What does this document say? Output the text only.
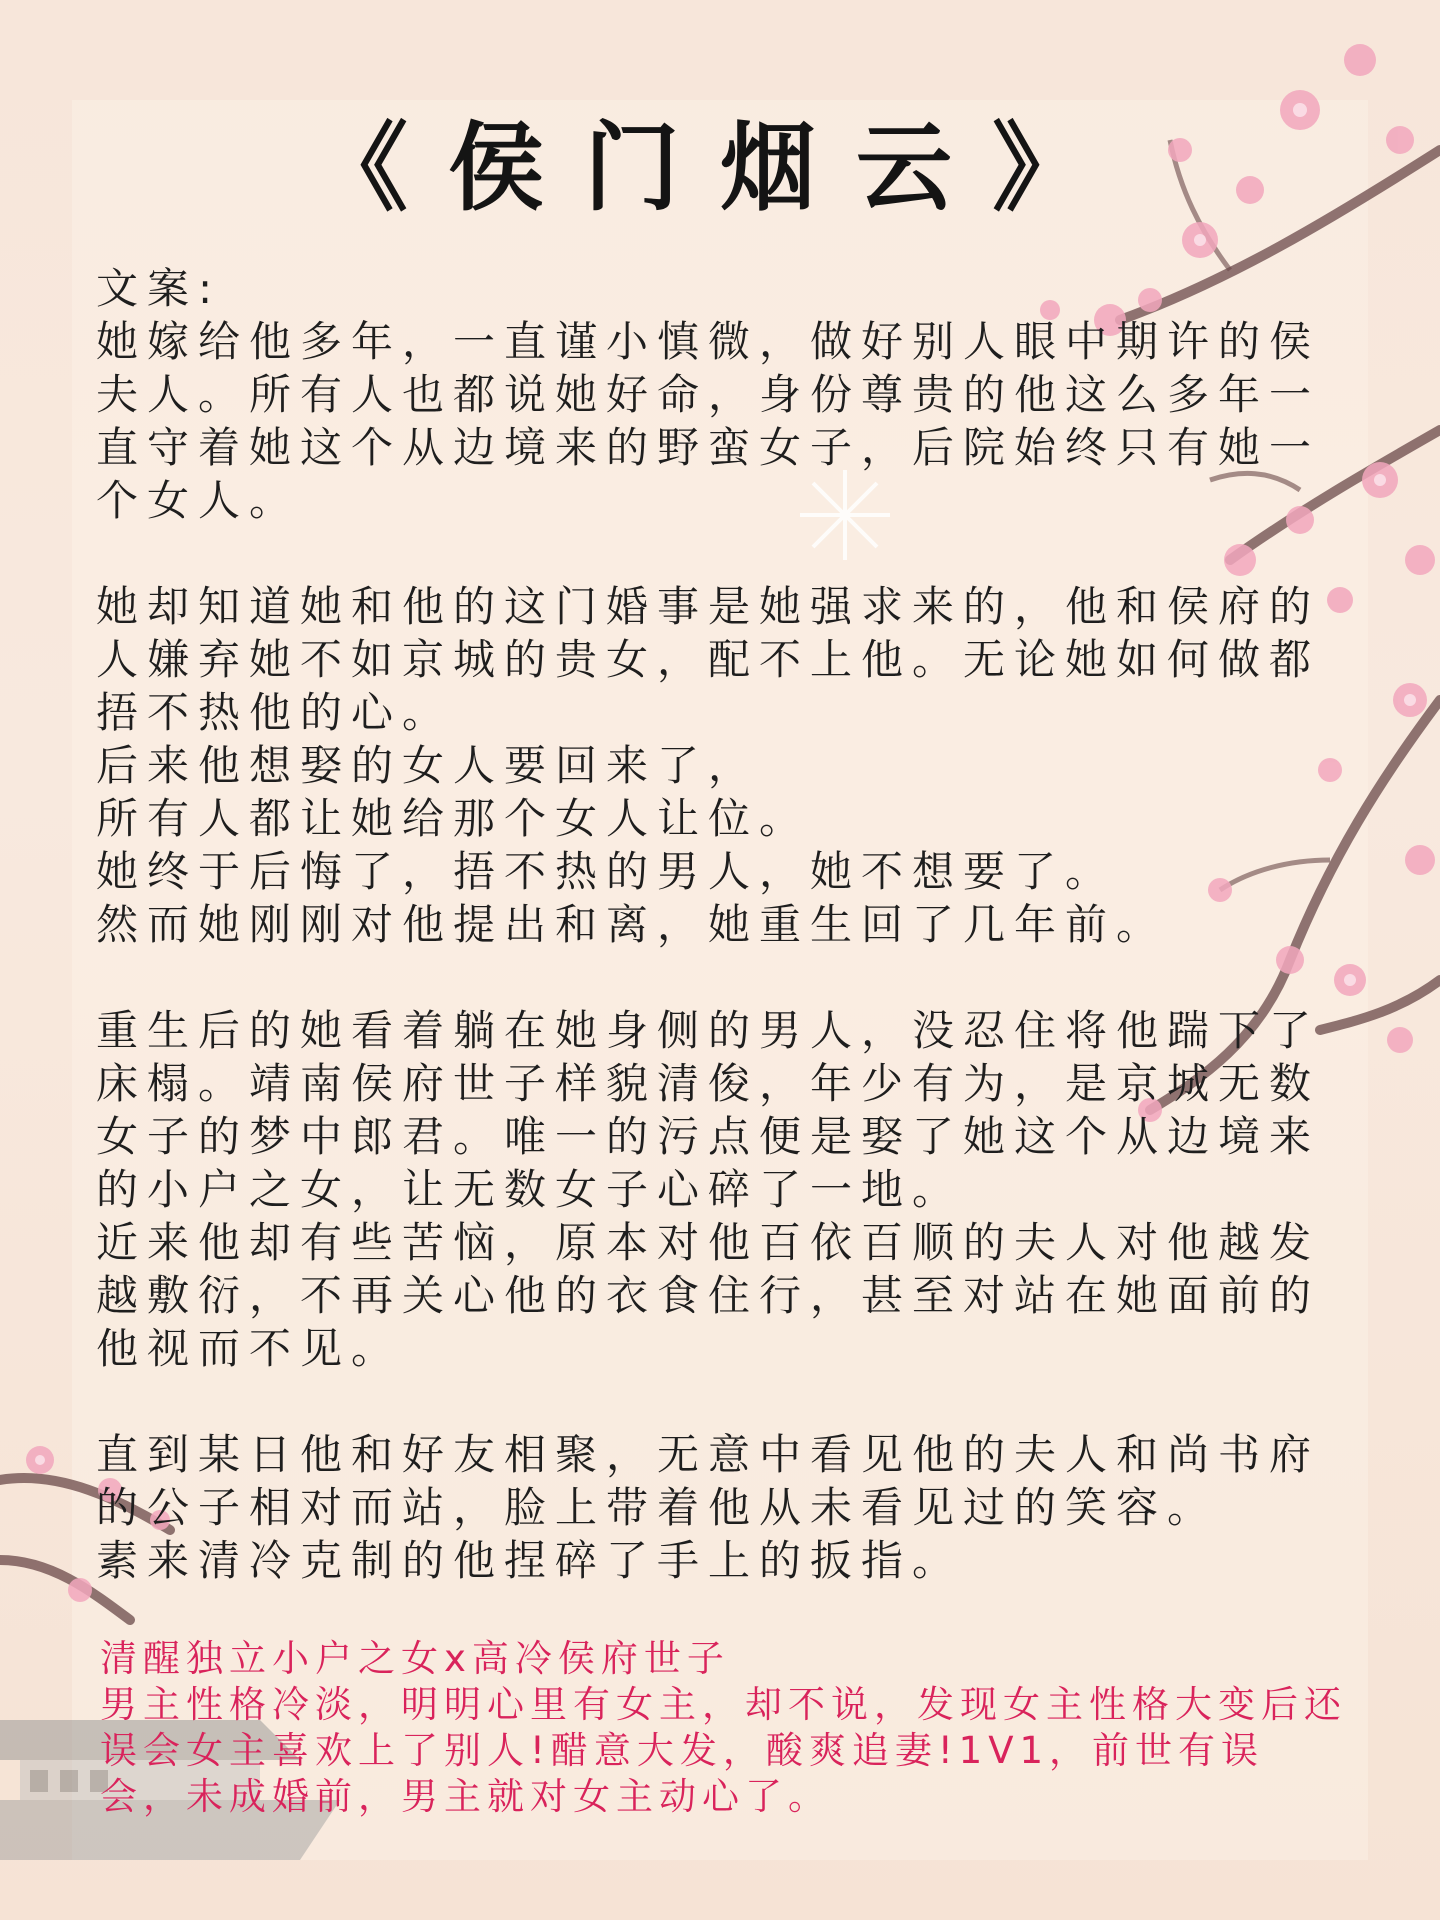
《侯门烟云》

文案:

她嫁给他多年，一直谨小慎微，做好别人眼中期许的侯夫人。所有人也都说她好命，身份尊贵的他这么多年一直守着她这个从边境来的野蛮女子，后院始终只有她一个女人。

她却知道她和他的这门婚事是她强求来的，他和侯府的人嫌弃她不如京城的贵女，配不上他。无论她如何做都捂不热他的心。

后来他想娶的女人要回来了，

所有人都让她给那个女人让位。

她终于后悔了，捂不热的男人，她不想要了。

然而她刚刚对他提出和离，她重生回了几年前。

重生后的她看着躺在她身侧的男人，没忍住将他踹下了床榻。靖南侯府世子样貌清俊，年少有为，是京城无数女子的梦中郎君。唯一的污点便是娶了她这个从边境来的小户之女，让无数女子心碎了一地。

近来他却有些苦恼，原本对他百依百顺的夫人对他越发越敷衍，不再关心他的衣食住行，甚至对站在她面前的他视而不见。

直到某日他和好友相聚，无意中看见他的夫人和尚书府的公子相对而站，脸上带着他从未看见过的笑容。

素来清冷克制的他捏碎了手上的扳指。

清醒独立小户之女x高冷侯府世子

男主性格冷淡，明明心里有女主，却不说，发现女主性格大变后还误会女主喜欢上了别人!醋意大发，酸爽追妻!1V1，前世有误会，未成婚前，男主就对女主动心了。
